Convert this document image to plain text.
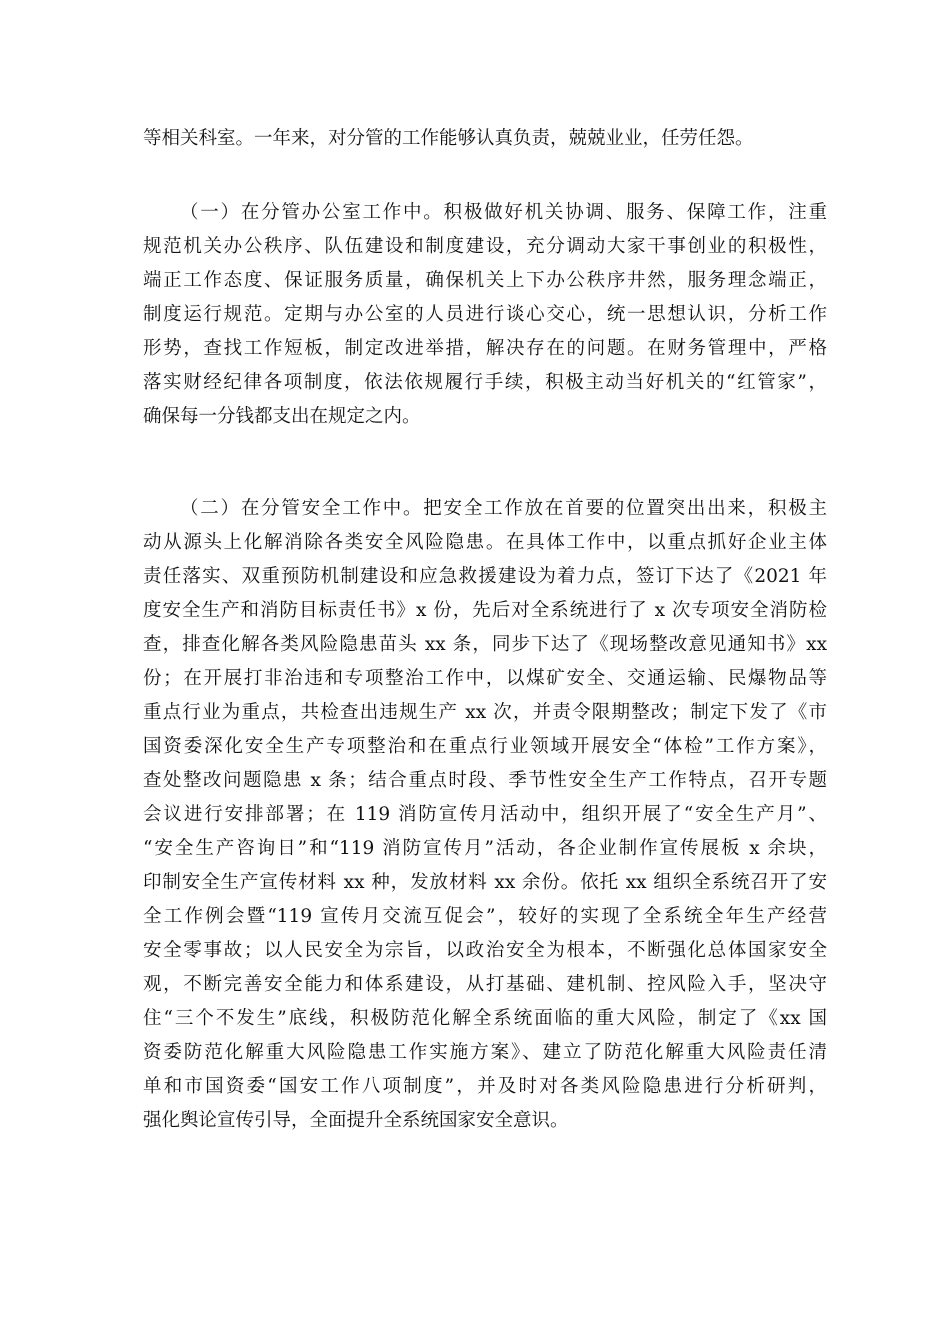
等相关科室。一年来，对分管的工作能够认真负责，兢兢业业，任劳任怨。
（一）在分管办公室工作中。积极做好机关协调、服务、保障工作，注重
规范机关办公秩序、队伍建设和制度建设，充分调动大家干事创业的积极性，
端正工作态度、保证服务质量，确保机关上下办公秩序井然，服务理念端正，
制度运行规范。定期与办公室的人员进行谈心交心，统一思想认识，分析工作
形势，查找工作短板，制定改进举措，解决存在的问题。在财务管理中，严格
落实财经纪律各项制度，依法依规履行手续，积极主动当好机关的“红管家”，
确保每一分钱都支出在规定之内。
（二）在分管安全工作中。把安全工作放在首要的位置突出出来，积极主
动从源头上化解消除各类安全风险隐患。在具体工作中，以重点抓好企业主体
责任落实、双重预防机制建设和应急救援建设为着力点，签订下达了《2021 年
度安全生产和消防目标责任书》x 份，先后对全系统进行了 x 次专项安全消防检
查，排查化解各类风险隐患苗头 xx 条，同步下达了《现场整改意见通知书》xx
份；在开展打非治违和专项整治工作中，以煤矿安全、交通运输、民爆物品等
重点行业为重点，共检查出违规生产 xx 次，并责令限期整改；制定下发了《市
国资委深化安全生产专项整治和在重点行业领域开展安全“体检”工作方案》，
查处整改问题隐患 x 条；结合重点时段、季节性安全生产工作特点，召开专题
会议进行安排部署；在 119 消防宣传月活动中，组织开展了“安全生产月”、
“安全生产咨询日”和“119 消防宣传月”活动，各企业制作宣传展板 x 余块，
印制安全生产宣传材料 xx 种，发放材料 xx 余份。依托 xx 组织全系统召开了安
全工作例会暨“119 宣传月交流互促会”，较好的实现了全系统全年生产经营
安全零事故；以人民安全为宗旨，以政治安全为根本，不断强化总体国家安全
观，不断完善安全能力和体系建设，从打基础、建机制、控风险入手，坚决守
住“三个不发生”底线，积极防范化解全系统面临的重大风险，制定了《xx 国
资委防范化解重大风险隐患工作实施方案》、建立了防范化解重大风险责任清
单和市国资委“国安工作八项制度”，并及时对各类风险隐患进行分析研判，
强化舆论宣传引导，全面提升全系统国家安全意识。
